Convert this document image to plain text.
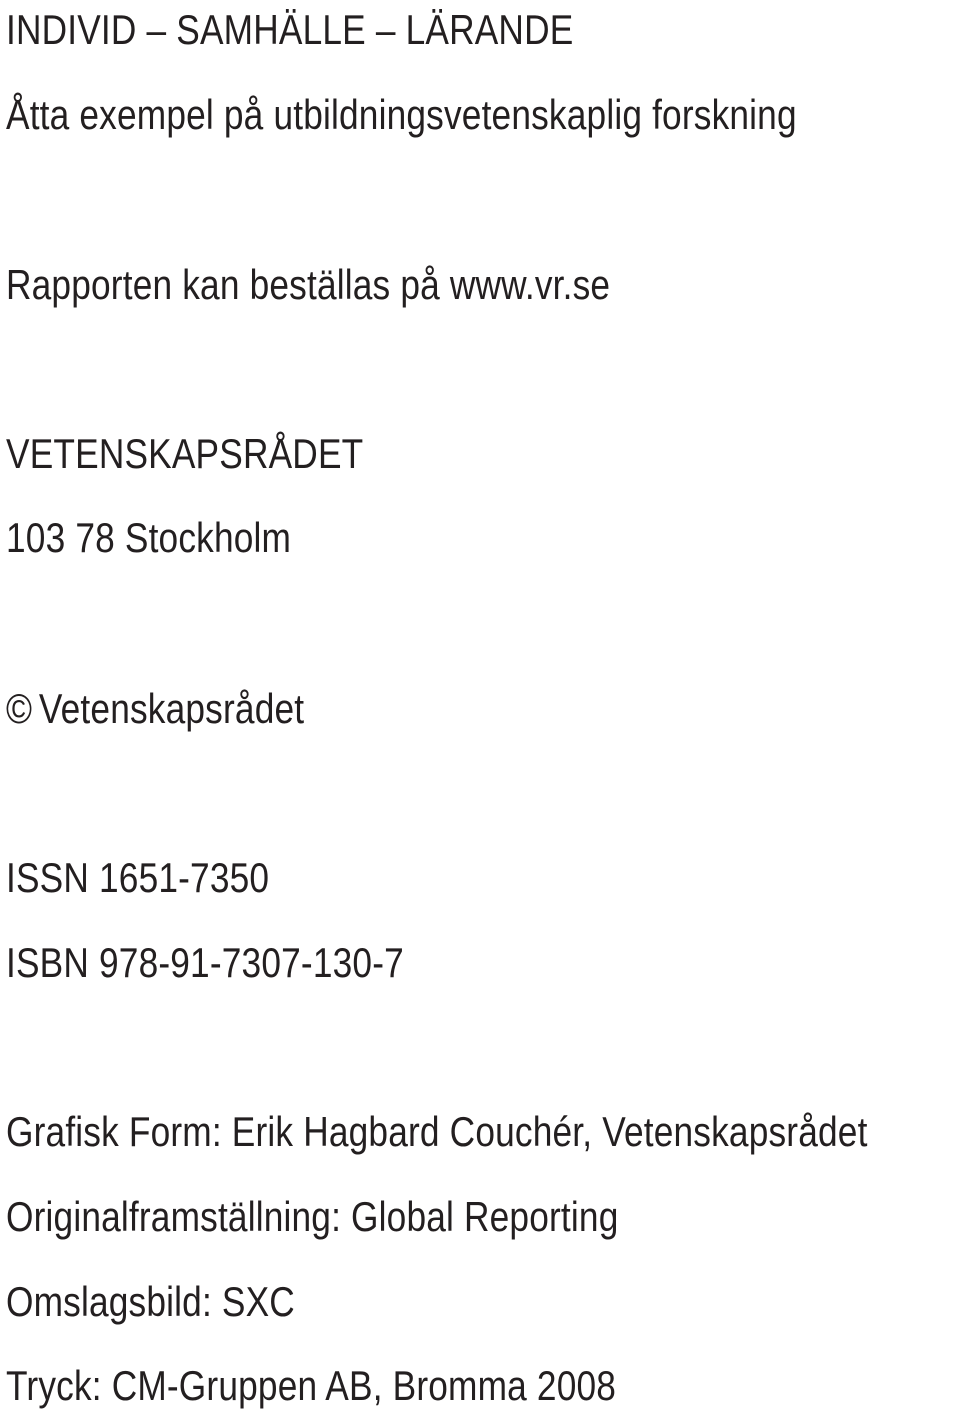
INDIVID – SAMHÄLLE – LÄRANDE

Åtta exempel på utbildningsvetenskaplig forskning

Rapporten kan beställas på www.vr.se

VETENSKAPSRÅDET

103 78 Stockholm

© Vetenskapsrådet

ISSN 1651-7350

ISBN 978-91-7307-130-7

Grafisk Form: Erik Hagbard Couchér, Vetenskapsrådet

Originalframställning: Global Reporting

Omslagsbild: SXC

Tryck: CM-Gruppen AB, Bromma 2008
